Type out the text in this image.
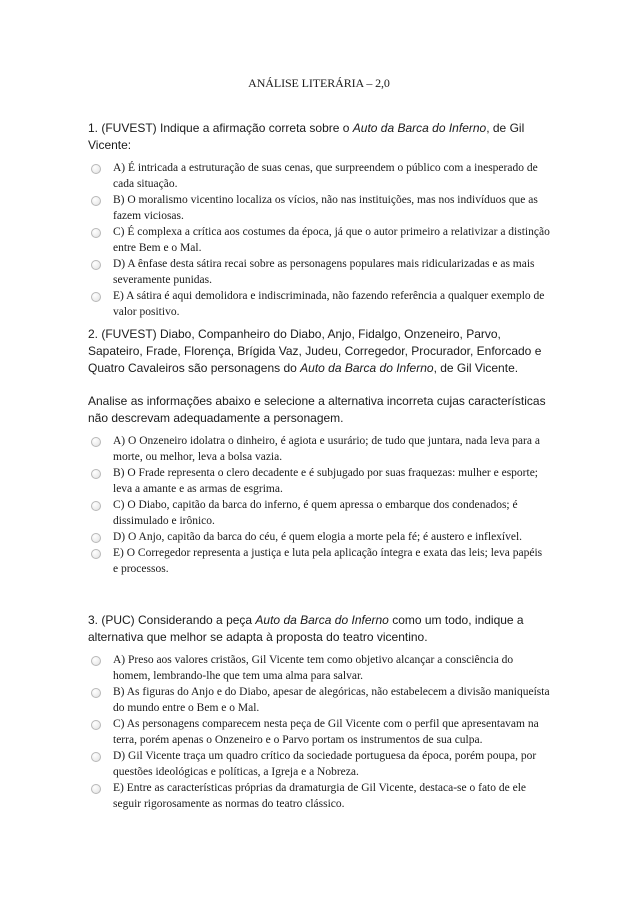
ANÁLISE LITERÁRIA – 2,0

1. (FUVEST) Indique a afirmação correta sobre o Auto da Barca do Inferno, de Gil Vicente:

A) É intricada a estruturação de suas cenas, que surpreendem o público com a inesperado de cada situação.
B) O moralismo vicentino localiza os vícios, não nas instituições, mas nos indivíduos que as fazem viciosas.
C) É complexa a crítica aos costumes da época, já que o autor primeiro a relativizar a distinção entre Bem e o Mal.
D) A ênfase desta sátira recai sobre as personagens populares mais ridicularizadas e as mais severamente punidas.
E) A sátira é aqui demolidora e indiscriminada, não fazendo referência a qualquer exemplo de valor positivo.

2. (FUVEST) Diabo, Companheiro do Diabo, Anjo, Fidalgo, Onzeneiro, Parvo, Sapateiro, Frade, Florença, Brígida Vaz, Judeu, Corregedor, Procurador, Enforcado e Quatro Cavaleiros são personagens do Auto da Barca do Inferno, de Gil Vicente.

Analise as informações abaixo e selecione a alternativa incorreta cujas características não descrevam adequadamente a personagem.

A) O Onzeneiro idolatra o dinheiro, é agiota e usurário; de tudo que juntara, nada leva para a morte, ou melhor, leva a bolsa vazia.
B) O Frade representa o clero decadente e é subjugado por suas fraquezas: mulher e esporte; leva a amante e as armas de esgrima.
C) O Diabo, capitão da barca do inferno, é quem apressa o embarque dos condenados; é dissimulado e irônico.
D) O Anjo, capitão da barca do céu, é quem elogia a morte pela fé; é austero e inflexível.
E) O Corregedor representa a justiça e luta pela aplicação íntegra e exata das leis; leva papéis e processos.

3. (PUC) Considerando a peça Auto da Barca do Inferno como um todo, indique a alternativa que melhor se adapta à proposta do teatro vicentino.

A) Preso aos valores cristãos, Gil Vicente tem como objetivo alcançar a consciência do homem, lembrando-lhe que tem uma alma para salvar.
B) As figuras do Anjo e do Diabo, apesar de alegóricas, não estabelecem a divisão maniqueísta do mundo entre o Bem e o Mal.
C) As personagens comparecem nesta peça de Gil Vicente com o perfil que apresentavam na terra, porém apenas o Onzeneiro e o Parvo portam os instrumentos de sua culpa.
D) Gil Vicente traça um quadro crítico da sociedade portuguesa da época, porém poupa, por questões ideológicas e políticas, a Igreja e a Nobreza.
E) Entre as características próprias da dramaturgia de Gil Vicente, destaca-se o fato de ele seguir rigorosamente as normas do teatro clássico.
